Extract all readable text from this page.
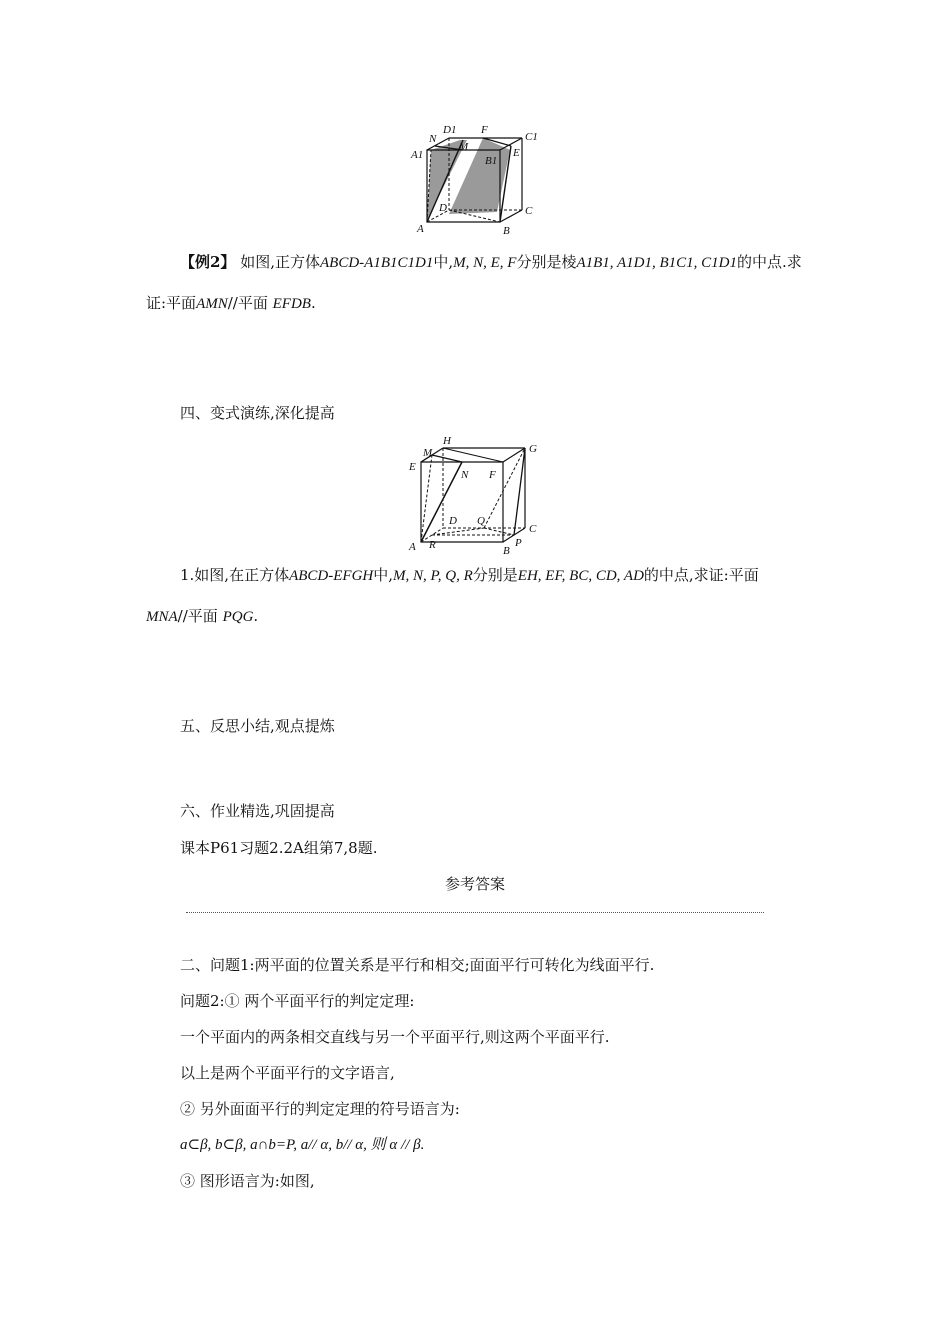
N
D1 F
C1
A1
M
B1
E
D	C
A	B
【例2】 如图,正方体ABCD-A1B1C1D1中,M, N, E, F分别是棱A1B1, A1D1, B1C1, C1D1的中点.求
证:平面AMN//平面 EFDB.
四、变式演练,深化提高
M
H
G
E
N F
D Q
C
A R	B
P
1.如图,在正方体ABCD-EFGH中,M, N, P, Q, R分别是EH, EF, BC, CD, AD的中点,求证:平面
MNA//平面 PQG.
五、反思小结,观点提炼
六、作业精选,巩固提高
课本P61习题2.2A组第7,8题.
参考答案
二、问题1:两平面的位置关系是平行和相交;面面平行可转化为线面平行.
问题2:① 两个平面平行的判定定理:
一个平面内的两条相交直线与另一个平面平行,则这两个平面平行.
以上是两个平面平行的文字语言,
② 另外面面平行的判定定理的符号语言为:
a⊂β, b⊂β, a∩b=P, a// α, b// α, 则 α // β.
③ 图形语言为:如图,
